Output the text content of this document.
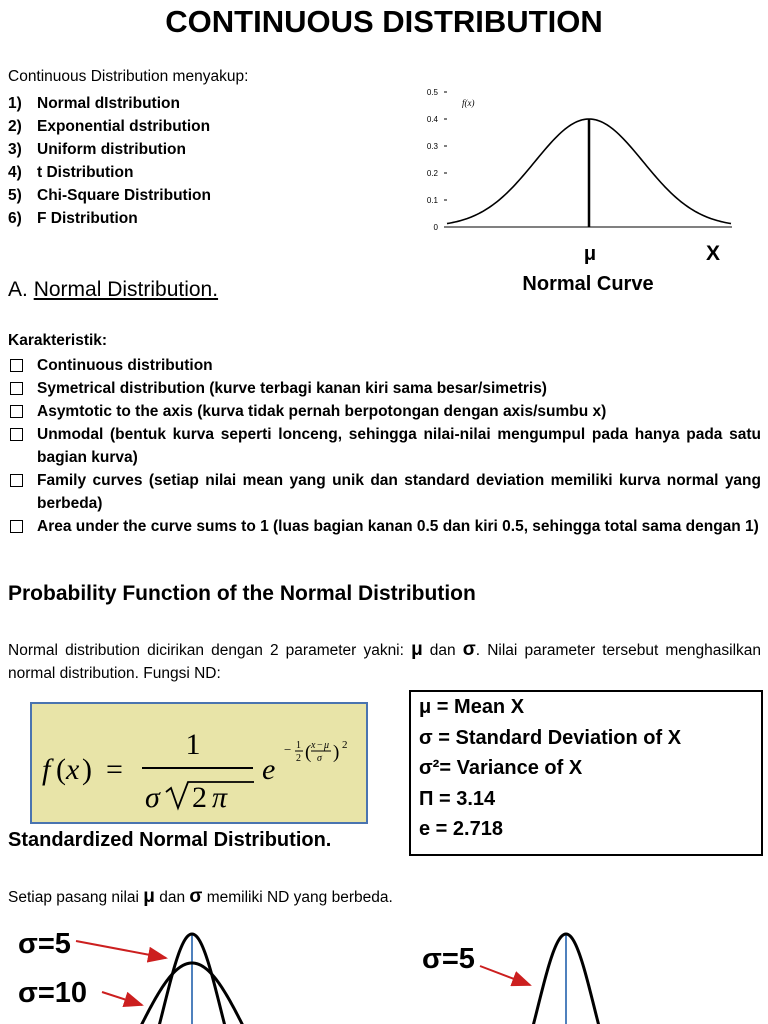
CONTINUOUS DISTRIBUTION
Continuous Distribution menyakup:
1) Normal dIstribution
2) Exponential dstribution
3) Uniform distribution
4) t Distribution
5) Chi-Square Distribution
6) F Distribution
0
0.1
0.2
0.3
0.4
0.5
f(x)
μ	X
Normal Curve
A. Normal Distribution.
Karakteristik:
Continuous distribution
Symetrical distribution (kurve terbagi kanan kiri sama besar/simetris)
Asymtotic to the axis (kurva tidak pernah berpotongan dengan axis/sumbu x)
Unmodal (bentuk kurva seperti lonceng, sehingga nilai-nilai mengumpul pada hanya pada satu bagian kurva)
Family curves (setiap nilai mean yang unik dan standard deviation memiliki kurva normal yang berbeda)
Area under the curve sums to 1 (luas bagian kanan 0.5 dan kiri 0.5, sehingga total sama dengan 1)
Probability Function of the Normal Distribution
Normal distribution dicirikan dengan 2 parameter yakni: μ dan σ. Nilai parameter tersebut menghasilkan normal distribution. Fungsi ND:
f ( x ) =
1
σ 2 π
e
− 1
2 ( x − μ
σ ) 2
μ = Mean X
σ = Standard Deviation of X
σ²= Variance of X
Π = 3.14
e = 2.718
Standardized Normal Distribution.
Setiap pasang nilai μ dan σ memiliki ND yang berbeda.
σ=5
σ=10
σ=5
